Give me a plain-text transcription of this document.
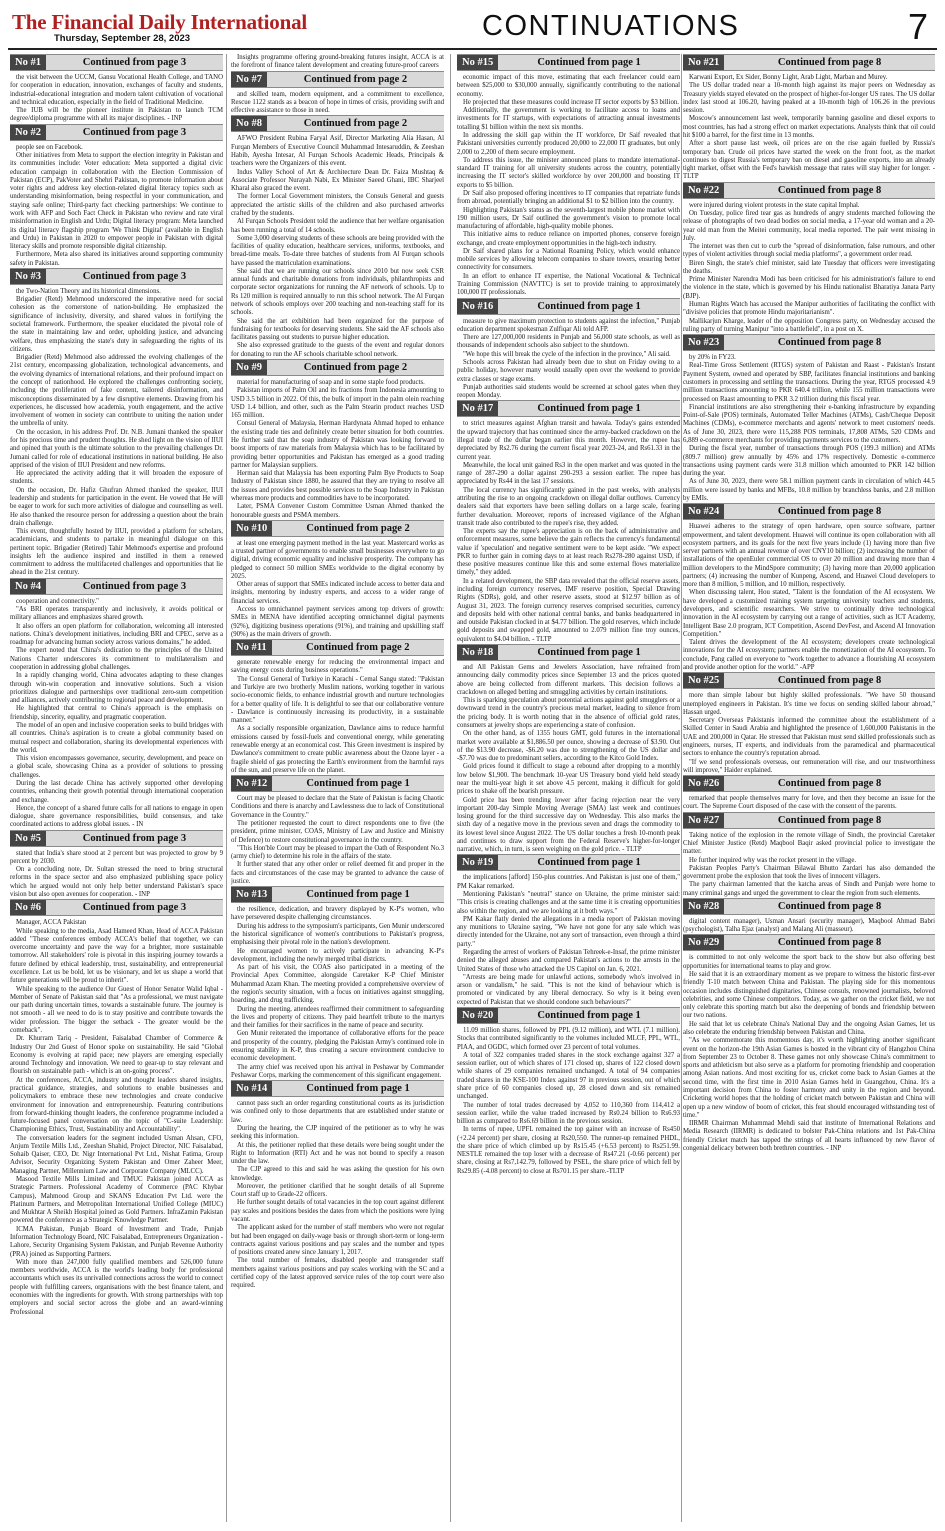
The Financial Daily International
Thursday, September 28, 2023	CONTINUATIONS	7
No #1	Continued from page 3

the visit between the UCCM, Gansu Vocational Health College, and TANO for cooperation in education, innovation, exchanges of faculty and students, industrial-educational integration and modern talent cultivation of vocational and technical education, especially in the field of Traditional Medicine.

The IUB will be the pioneer institute in Pakistan to launch TCM degree/diploma programme with all its major disciplines. - INP

No #2	Continued from page 3

people see on Facebook.

Other initiatives from Meta to support the election integrity in Pakistan and its communities include: Voter education: Meta supported a digital civic education campaign in collaboration with the Election Commission of Pakistan (ECP), PakVoter and Shehri Pakistan, to promote information about voter rights and address key election-related digital literacy topics such as understanding misinformation, being respectful in your communication, and staying safe online; Third-party fact checking partnerships: We continue to work with AFP and Soch Fact Check in Pakistan who review and rate viral misinformation in English and Urdu; Digital literacy program: Meta launched its digital literacy flagship program 'We Think Digital' (available in English and Urdu) in Pakistan in 2020 to empower people in Pakistan with digital literacy skills and promote responsible digital citizenship.

Furthermore, Meta also shared its initiatives around supporting community safety in Pakistan.

No #3	Continued from page 3

the Two-Nation Theory and its historical dimensions.

Brigadier (Retd) Mehmood underscored the imperative need for social cohesion as the cornerstone of nation-building. He emphasized the significance of inclusivity, diversity, and shared values in fortifying the societal framework. Furthermore, the speaker elucidated the pivotal role of the state in maintaining law and order, upholding justice, and advancing welfare, thus emphasizing the state's duty in safeguarding the rights of its citizens.

Brigadier (Retd) Mehmood also addressed the evolving challenges of the 21st century, encompassing globalization, technological advancements, and the evolving dynamics of international relations, and their profound impact on the concept of nationhood. He explored the challenges confronting society, including the proliferation of fake content, tailored disinformation, and misconceptions disseminated by a few disruptive elements. Drawing from his experiences, he discussed how academia, youth engagement, and the active involvement of women in society can contribute to uniting the nation under the umbrella of unity.

On the occasion, in his address Prof. Dr. N.B. Jumani thanked the speaker for his precious time and prudent thoughts. He shed light on the vision of IIUI and opined that youth is the ultimate solution to the prevailing challenges Dr. Jumani called for role of educational institutions in national building. He also apprised of the vision of IIUI President and new reforms.

He appreciated the activity adding that it will broaden the exposure of students.

On the occasion, Dr. Hafiz Ghufran Ahmed thanked the speaker, IIUI leadership and students for participation in the event. He vowed that He will be eager to work for such more activities of dialogue and counselling as well. He also thanked the resource person for addressing a question about the brain drain challenge.

This event, thoughtfully hosted by IIUI, provided a platform for scholars, academicians, and students to partake in meaningful dialogue on this pertinent topic. Brigadier (Retired) Tahir Mehmood's expertise and profound insights left the audience inspired and instilled in them a renewed commitment to address the multifaceted challenges and opportunities that lie ahead in the 21st century.

No #4	Continued from page 3

cooperation and connectivity."

"As BRI operates transparently and inclusively, it avoids political or military alliances and emphasizes shared growth.

It also offers an open platform for collaboration, welcoming all interested nations. China's development initiatives, including BRI and CPEC, serve as a roadmap for advancing human society across various domains," he added.

The expert noted that China's dedication to the principles of the United Nations Charter underscores its commitment to multilateralism and cooperation in addressing global challenges.

In a rapidly changing world, China advocates adapting to these changes through win-win cooperation and innovative solutions. Such a vision prioritizes dialogue and partnerships over traditional zero-sum competition and alliances, actively contributing to regional peace and development.

He highlighted that central to China's approach is the emphasis on friendship, sincerity, equality, and pragmatic cooperation.

The model of an open and inclusive cooperation seeks to build bridges with all countries. China's aspiration is to create a global community based on mutual respect and collaboration, sharing its developmental experiences with the world.

This vision encompasses governance, security, development, and peace on a global scale, showcasing China as a provider of solutions to pressing challenges.

During the last decade China has actively supported other developing countries, enhancing their growth potential through international cooperation and exchange.

Hence, the concept of a shared future calls for all nations to engage in open dialogue, share governance responsibilities, build consensus, and take coordinated actions to address global issues. - IN

No #5	Continued from page 3

stated that India's share stood at 2 percent but was projected to grow by 9 percent by 2030.

On a concluding note, Dr. Sultan stressed the need to bring structural reforms in the space sector and also emphasized publishing space policy which he argued would not only help better understand Pakistan's space vision but also open avenues for cooperation. - INP

No #6	Continued from page 3

Manager, ACCA Pakistan

While speaking to the media, Asad Hameed Khan, Head of ACCA Pakistan added "These conferences embody ACCA's belief that together, we can overcome uncertainty and pave the way for a brighter, more sustainable tomorrow. All stakeholders' role is pivotal in this inspiring journey towards a future defined by ethical leadership, trust, sustainability, and entrepreneurial excellence. Let us be bold, let us be visionary, and let us shape a world that future generations will be proud to inherit".

While speaking to the audience Our Guest of Honor Senator Walid Iqbal - Member of Senate of Pakistan said that "As a professional, we must navigate our path during uncertain times, towards a sustainable future. The journey is not smooth - all we need to do is to stay positive and contribute towards the wider profession. The bigger the setback - The greater would be the comeback".

Dr. Khurram Tariq - President, Faisalabad Chamber of Commerce & Industry Our 2nd Guest of Honor spoke on sustainability. He said "Global Economy is evolving at rapid pace; new players are emerging especially around Technology and innovation. We need to gear-up to stay relevant and flourish on sustainable path - which is an on-going process".

At the conferences, ACCA, industry and thought leaders shared insights, practical guidance, strategies, and solutions to enable businesses and policymakers to embrace these new technologies and create conducive environment for innovation and entrepreneurship. Featuring contributions from forward-thinking thought leaders, the conference programme included a future-focused panel conversation on the topic of "C-suite Leadership: Championing Ethics, Trust, Sustainability and Accountability".

The conversation leaders for the segment included Usman Ahsan, CFO, Anjum Textile Mills Ltd., Zeeshan Shahid, Project Director, NIC Faisalabad, Sohaib Qaiser, CEO, Dr. Nigr International Pvt Ltd., Nishat Fatima, Group Advisor, Security Organizing System Pakistan and Omer Zaheer Meer, Managing Partner, Millennium Law and Corporate Company (MLCC).

Masood Textile Mills Limited and TMUC Pakistan joined ACCA as Strategic Partners. Professional Academy of Commerce (PAC Khybar Campus), Mahmood Group and SKANS Education Pvt Ltd. were the Platinum Partners, and Metropolitan International Unified College (MIUC) and Mukhtar A Sheikh Hospital joined as Gold Partners. InfraZamin Pakistan powered the conference as a Strategic Knowledge Partner.

ICMA Pakistan, Punjab Board of Investment and Trade, Punjab Information Technology Board, NIC Faisalabad, Entrepreneurs Organization - Lahore, Security Organising System Pakistan, and Punjab Revenue Authority (PRA) joined as Supporting Partners.

With more than 247,000 fully qualified members and 526,000 future members worldwide, ACCA is the world's leading body for professional accountants which uses its unrivalled connections across the world to connect people with fulfilling careers, organisations with the best finance talent, and economies with the ingredients for growth. With strong partnerships with top employers and social sector across the globe and an award-winning Professional

Insights programme offering ground-breaking futures insight, ACCA is at the forefront of finance talent development and creating future-proof careers

No #7	Continued from page 2

and skilled team, modern equipment, and a commitment to excellence, Rescue 1122 stands as a beacon of hope in times of crisis, providing swift and effective assistance to those in need.

No #8	Continued from page 2

AFWO President Rubina Faryal Asif, Director Marketing Alia Hasan, Al Furqan Members of Executive Council Muhammad Intesaruddin, & Zeeshan Habib, Ayesha Intesar, Al Furqan Schools Academic Heads, Principals & teachers were the Organizers of this event.

Indus Valley School of Art & Architecture Dean Dr. Faiza Mushtaq & Associate Professor Nurayah Nabi, Ex Minister Saeed Ghani, IBC Sharjeel Kharal also graced the event.

The former Local Government ministers, the Consuls General and guests appreciated the artistic skills of the children and also purchased artworks crafted by the students.

Al Furqan Schools President told the audience that her welfare organisation has been running a total of 14 schools.

Some 3,000 deserving students of these schools are being provided with the facilities of quality education, healthcare services, uniforms, textbooks, and bread-time meals. To-date three batches of students from Al Furqan schools have passed the matriculation examinations.

She said that we are running our schools since 2010 but now seek CSR annual funds and charitable donations from individuals, philanthropists and corporate sector organizations for running the AF network of schools. Up to Rs 120 million is required annually to run this school network. The Al Furqan network of schools employs over 200 teaching and non-teaching staff for its schools.

She said the art exhibition had been organized for the purpose of fundraising for textbooks for deserving students. She said the AF schools also facilitates passing out students to pursue higher education.

She also expressed gratitude to the guests of the event and regular donors for donating to run the AF schools charitable school network.

No #9	Continued from page 2

material for manufacturing of soap and in some staple food products.

Pakistan imports of Palm Oil and its fractions from Indonesia amounting to USD 3.5 billion in 2022. Of this, the bulk of import in the palm olein reaching USD 1.4 billion, and other, such as the Palm Stearin product reaches USD 165 million.

Consul General of Malaysia, Herman Hardynata Ahmad hoped to enhance the existing trade ties and definitely create better situation for both countries. He further said that the soap industry of Pakistan was looking forward to boost imports of raw materials from Malaysia which has to be facilitated by providing better opportunities and Pakistan has emerged as a good trading partner for Malaysian suppliers.

Herman said that Malaysia has been exporting Palm Bye Products to Soap Industry of Pakistan since 1880, he assured that they are trying to resolve all the issues and provides best possible services to the Soap Industry in Pakistan whereas more products and commodities have to be incorporated.

Later, PSMA Convener Custom Committee Usman Ahmed thanked the honourable guests and PSMA members.

No #10	Continued from page 2

at least one emerging payment method in the last year. Mastercard works as a trusted partner of governments to enable small businesses everywhere to go digital, driving economic equality and inclusive prosperity. The company has pledged to connect 50 million SMEs worldwide to the digital economy by 2025.

Other areas of support that SMEs indicated include access to better data and insights, mentoring by industry experts, and access to a wider range of financial services.

Access to omnichannel payment services among top drivers of growth: SMEs in MENA have identified accepting omnichannel digital payments (92%), digitizing business operations (91%), and training and upskilling staff (90%) as the main drivers of growth.

No #11	Continued from page 2

generate renewable energy for reducing the environmental impact and saving energy costs during business operations."

The Consul General of Turkiye in Karachi - Cemal Sangu stated: "Pakistan and Turkiye are two brotherly Muslim nations, working together in various socio-economic fields, to enhance industrial growth and nurture technologies for a better quality of life. It is delightful to see that our collaborative venture - Dawlance is continuously increasing its productivity, in a sustainable manner."

As a socially responsible organization, Dawlance aims to reduce harmful emissions caused by fossil-fuels and conventional energy, while generating renewable energy at an economical cost. This Green investment is inspired by Dawlance's commitment to create public awareness about the Ozone layer - a fragile shield of gas protecting the Earth's environment from the harmful rays of the sun, and preserve life on the planet.

No #12	Continued from page 1

Court may be pleased to declare that the State of Pakistan is facing Chaotic Conditions and there is anarchy and Lawlessness due to lack of Constitutional Governance in the Country."

The petitioner requested the court to direct respondents one to five (the president, prime minister, COAS, Ministry of Law and Justice and Ministry of Defence) to restore constitutional governance in the country.

"This Hon'ble Court may be pleased to impart the Oath of Respondent No.3 (army chief) to determine his role in the affairs of the state.

It further stated that any other order or relief deemed fit and proper in the facts and circumstances of the case may be granted to advance the cause of justice.

No #13	Continued from page 1

the resilience, dedication, and bravery displayed by K-P's women, who have persevered despite challenging circumstances.

During his address to the symposium's participants, Gen Munir underscored the historical significance of women's contributions to Pakistan's progress, emphasising their pivotal role in the nation's development.

He encouraged women to actively participate in advancing K-P's development, including the newly merged tribal districts.

As part of his visit, the COAS also participated in a meeting of the Provincial Apex Committee, alongside Caretaker K-P Chief Minister Muhammad Azam Khan. The meeting provided a comprehensive overview of the region's security situation, with a focus on initiatives against smuggling, hoarding, and drug trafficking.

During the meeting, attendees reaffirmed their commitment to safeguarding the lives and property of citizens. They paid heartfelt tribute to the martyrs and their families for their sacrifices in the name of peace and security.

Gen Munir reiterated the importance of collaborative efforts for the peace and prosperity of the country, pledging the Pakistan Army's continued role in ensuring stability in K-P, thus creating a secure environment conducive to economic development.

The army chief was received upon his arrival in Peshawar by Commander Peshawar Corps, marking the commencement of this significant engagement.

No #14	Continued from page 1

cannot pass such an order regarding constitutional courts as its jurisdiction was confined only to those departments that are established under statute or law.

During the hearing, the CJP inquired of the petitioner as to why he was seeking this information.

At this, the petitioner replied that these details were being sought under the Right to Information (RTI) Act and he was not bound to specify a reason under the law.

The CJP agreed to this and said he was asking the question for his own knowledge.

Moreover, the petitioner clarified that he sought details of all Supreme Court staff up to Grade-22 officers.

He further sought details of total vacancies in the top court against different pay scales and positions besides the dates from which the positions were lying vacant.

The applicant asked for the number of staff members who were not regular but had been engaged on daily-wage basis or through short-term or long-term contracts against various positions and pay scales and the number and types of positions created anew since January 1, 2017.

The total number of females, disabled people and transgender staff members against various positions and pay scales working with the SC and a certified copy of the latest approved service rules of the top court were also required.

No #15	Continued from page 1

economic impact of this move, estimating that each freelancer could earn between $25,000 to $30,000 annually, significantly contributing to the national economy.

He projected that these measures could increase IT sector exports by $3 billion.

Additionally, the government is working to facilitate access to loans and investments for IT startups, with expectations of attracting annual investments totalling $1 billion within the next six months.

In addressing the skill gap within the IT workforce, Dr Saif revealed that Pakistani universities currently produced 20,000 to 22,000 IT graduates, but only 2,000 to 2,200 of them secure employment.

To address this issue, the minister announced plans to mandate international-standard IT training for all university students across the country, potentially increasing the IT sector's skilled workforce by over 200,000 and boosting IT exports to $5 billion.

Dr Saif also proposed offering incentives to IT companies that repatriate funds from abroad, potentially bringing an additional $1 to $2 billion into the country.

Highlighting Pakistan's status as the seventh-largest mobile phone market with 190 million users, Dr Saif outlined the government's vision to promote local manufacturing of affordable, high-quality mobile phones.

This initiative aims to reduce reliance on imported phones, conserve foreign exchange, and create employment opportunities in the high-tech industry.

Dr Saif shared plans for a National Roaming Policy, which would enhance mobile services by allowing telecom companies to share towers, ensuring better connectivity for consumers.

In an effort to enhance IT expertise, the National Vocational & Technical Training Commission (NAVTTC) is set to provide training to approximately 100,000 IT professionals.

No #16	Continued from page 1

measure to give maximum protection to students against the infection," Punjab education department spokesman Zulfiqar Ali told AFP.

There are 127,000,000 residents in Punjab and 56,000 state schools, as well as thousands of independent schools also subject to the shutdown.

"We hope this will break the cycle of the infection in the province," Ali said.

Schools across Pakistan had already been due to shut on Friday owing to a public holiday, however many would usually open over the weekend to provide extra classes or stage exams.

Punjab authorities said students would be screened at school gates when they reopen Monday.

No #17	Continued from page 1

to strict measures against Afghan transit and hawala. Today's gains extended the upward trajectory that has continued since the army-backed crackdown on the illegal trade of the dollar began earlier this month. However, the rupee has depreciated by Rs2.76 during the current fiscal year 2023-24, and Rs61.33 in the current year.

Meanwhile, the local unit gained Rs3 in the open market and was quoted in the range of 287-290 a dollar against 290-293 a session earlier. The rupee has appreciated by Rs44 in the last 17 sessions.

The local currency has significantly gained in the past weeks, with analysts attributing the rise to an ongoing crackdown on illegal dollar outflows. Currency dealers said that exporters have been selling dollars on a large scale, fearing further devaluation. Moreover, reports of increased vigilance of the Afghan transit trade also contributed to the rupee's rise, they added.

The experts say the rupee's appreciation is on the back of administrative and enforcement measures, some believe the gain reflects the currency's fundamental value if 'speculation' and negative sentiment were to be kept aside. "We expect PKR to further gain in coming days to at least reach Rs278-280 against USD, if these positive measures continue like this and some external flows materialize timely," they added.

In a related development, the SBP data revealed that the official reserve assets, including foreign currency reserves, IMF reserve position, Special Drawing Rights (SDRs), gold, and other reserve assets, stood at $12.97 billion as of August 31, 2023. The foreign currency reserves comprised securities, currency and deposits held with other national central banks, and banks headquartered in and outside Pakistan clocked in at $4.77 billion. The gold reserves, which include gold deposits and swapped gold, amounted to 2.079 million fine troy ounces, equivalent to $4.04 billion. - TLTP

No #18	Continued from page 1

and All Pakistan Gems and Jewelers Association, have refrained from announcing daily commodity prices since September 13 and the prices quoted above are being collected from different markets. This decision follows a crackdown on alleged betting and smuggling activities by certain institutions.

This is sparking speculation about potential actions against gold smugglers or a downward trend in the country's precious metal market, leading to silence from the pricing body. It is worth noting that in the absence of official gold rates, consumers at jewelry shops are experiencing a state of confusion.

On the other hand, as of 1355 hours GMT, gold futures in the international market were available at $1,886.50 per ounce, showing a decrease of $3.90. Out of the $13.90 decrease, -$6.20 was due to strengthening of the US dollar and -$7.70 was due to predominant sellers, according to the Kitco Gold Index.

Gold prices found it difficult to stage a rebound after dropping to a monthly low below $1,900. The benchmark 10-year US Treasury bond yield held steady near the multi-year high it set above 4.5 percent, making it difficult for gold prices to shake off the bearish pressure.

Gold price has been trending lower after facing rejection near the very important 200-day Simple Moving Average (SMA) last week and continues losing ground for the third successive day on Wednesday. This also marks the sixth day of a negative move in the previous seven and drags the commodity to its lowest level since August 2022. The US dollar touches a fresh 10-month peak and continues to draw support from the Federal Reserve's higher-for-longer narrative, which, in turn, is seen weighing on the gold price. - TLTP

No #19	Continued from page 1

the implications [afford] 150-plus countries. And Pakistan is just one of them," PM Kakar remarked.

Mentioning Pakistan's "neutral" stance on Ukraine, the prime minister said: "This crisis is creating challenges and at the same time it is creating opportunities also within the region, and we are looking at it both ways."

PM Kakar flatly denied the allegations in a media report of Pakistan moving any munitions to Ukraine saying, "We have not gone for any sale which was directly intended for the Ukraine, not any sort of transaction, even through a third party."

Regarding the arrest of workers of Pakistan Tehreek-e-Insaf, the prime minister denied the alleged abuses and compared Pakistan's actions to the arrests in the United States of those who attacked the US Capitol on Jan. 6, 2021.

"Arrests are being made for unlawful actions, somebody who's involved in arson or vandalism," he said. "This is not the kind of behaviour which is promoted or vindicated by any liberal democracy. So why is it being even expected of Pakistan that we should condone such behaviours?"

No #20	Continued from page 1

11.09 million shares, followed by PPL (9.12 million), and WTL (7.1 million). Stocks that contributed significantly to the volumes included MLCF, PPL, WTL, PIAA, and OGDC, which formed over 23 percent of total volumes.

A total of 322 companies traded shares in the stock exchange against 327 a session earlier, out of which shares of 171 closed up, shares of 122 closed down while shares of 29 companies remained unchanged. A total of 94 companies traded shares in the KSE-100 Index against 97 in previous session, out of which share price of 60 companies closed up, 28 closed down and six remained unchanged.

The number of total trades decreased by 4,052 to 110,360 from 114,412 a session earlier, while the value traded increased by Rs0.24 billion to Rs6.93 billion as compared to Rs6.69 billion in the previous session.

In terms of rupee, UPFL remained the top gainer with an increase of Rs450 (+2.24 percent) per share, closing at Rs20,550. The runner-up remained PHDL, the share price of which climbed up by Rs15.45 (+6.53 percent) to Rs251.99. NESTLE remained the top loser with a decrease of Rs47.21 (-0.66 percent) per share, closing at Rs7,142.79, followed by PSEL, the share price of which fell by Rs29.85 (-4.08 percent) to close at Rs701.15 per share.-TLTP

No #21	Continued from page 8

Karwani Export, Ex Sider, Bonny Light, Arab Light, Marban and Murey.

The US dollar traded near a 10-month high against its major peers on Wednesday as Treasury yields stayed elevated on the prospect of higher-for-longer US rates. The US dollar index last stood at 106.20, having peaked at a 10-month high of 106.26 in the previous session.

Moscow's announcement last week, temporarily banning gasoline and diesel exports to most countries, has had a strong effect on market expectations. Analysts think that oil could hit $100 a barrel, for the first time in 13 months.

After a short pause last week, oil prices are on the rise again fuelled by Russia's temporary ban. Crude oil prices have started the week on the front foot, as the market continues to digest Russia's temporary ban on diesel and gasoline exports, into an already tight market, offset with the Fed's hawkish message that rates will stay higher for longer. - TLTP

No #22	Continued from page 8

were injured during violent protests in the state capital Imphal.

On Tuesday, police fired tear gas as hundreds of angry students marched following the release of photographs of two dead bodies on social media, a 17-year old woman and a 20-year old man from the Meitei community, local media reported. The pair went missing in July.

The internet was then cut to curb the "spread of disinformation, false rumours, and other types of violent activities through social media platforms", a government order read.

Biren Singh, the state's chief minister, said late Tuesday that officers were investigating the deaths.

Prime Minister Narendra Modi has been criticised for his administration's failure to end the violence in the state, which is governed by his Hindu nationalist Bharatiya Janata Party (BJP).

Human Rights Watch has accused the Manipur authorities of facilitating the conflict with "divisive policies that promote Hindu majoritarianism".

Mallikarjun Kharge, leader of the opposition Congress party, on Wednesday accused the ruling party of turning Manipur "into a battlefield", in a post on X.

No #23	Continued from page 8

by 20% in FY23.

Real-Time Gross Settlement (RTGS) system of Pakistan and Raast - Pakistan's Instant Payment System, owned and operated by SBP, facilitates financial institutions and banking customers in processing and settling the transactions. During the year, RTGS processed 4.9 million transactions amounting to PKR 640.4 trillion, while 155 million transactions were processed on Raast amounting to PKR 3.2 trillion during this fiscal year.

Financial institutions are also strengthening their e-banking infrastructure by expanding Point-of-Sale (POS) terminals, Automated Teller Machines (ATMs), Cash/Cheque Deposit Machines (CDMs), e-commerce merchants and agents' network to meet customers' needs. As of June 30, 2023, there were 115,288 POS terminals, 17,808 ATMs, 520 CDMs and 6,889 e-commerce merchants for providing payments services to the customers.

During the fiscal year, number of transactions through POS (199.3 million) and ATMs (809.7 million) grew annually by 45% and 17% respectively. Domestic e-commerce transactions using payment cards were 31.8 million which amounted to PKR 142 billion during the year.

As of June 30, 2023, there were 58.1 million payment cards in circulation of which 44.5 million were issued by banks and MFBs, 10.8 million by branchless banks, and 2.8 million by EMIs.

No #24	Continued from page 8

Huawei adheres to the strategy of open hardware, open source software, partner empowerment, and talent development. Huawei will continue its open collaboration with all ecosystem partners, and its goals for the next five years include (1) having more than five server partners with an annual revenue of over CNY10 billion; (2) increasing the number of installations of the openEuler commercial OS to over 20 million and drawing more than 4 million developers to the MindSpore community; (3) having more than 20,000 application partners; (4) increasing the number of Kunpeng, Ascend, and Huawei Cloud developers to more than 8 million, 5 million, and 10 million, respectively.

When discussing talent, Hou stated, "Talent is the foundation of the AI ecosystem. We have developed a customized training system targeting university teachers and students, developers, and scientific researchers. We strive to continually drive technological innovation in the AI ecosystem by carrying out a range of activities, such as ICT Academy, Intelligent Base 2.0 program, ICT Competition, Ascend DevFest, and Ascend AI Innovation Competition."

Talent drives the development of the AI ecosystem; developers create technological innovations for the AI ecosystem; partners enable the monetization of the AI ecosystem. To conclude, Pang called on everyone to "work together to advance a flourishing AI ecosystem and provide another option for the world." -APP

No #25	Continued from page 8

more than simple labour but highly skilled professionals. "We have 50 thousand unemployed engineers in Pakistan. It's time we focus on sending skilled labour abroad," Hassan urged.

Secretary Overseas Pakistanis informed the committee about the establishment of a Skilled Center in Saudi Arabia and highlighted the presence of 1,600,000 Pakistanis in the UAE and 200,000 in Qatar. He stressed that Pakistan must send skilled professionals such as engineers, nurses, IT experts, and individuals from the paramedical and pharmaceutical sectors to enhance the country's reputation abroad.

"If we send professionals overseas, our remuneration will rise, and our trustworthiness will improve," Haider explained.

No #26	Continued from page 8

remarked that people themselves marry for love, and then they become an issue for the court. The Supreme Court disposed of the case with the consent of the parents.

No #27	Continued from page 8

Taking notice of the explosion in the remote village of Sindh, the provincial Caretaker Chief Minister Justice (Retd) Maqbool Baqir asked provincial police to investigate the matter.

He further inquired why was the rocket present in the village.

Pakistan Peoples Party's Chairman Bilawal Bhutto Zardari has also demanded the government probe the explosion that took the lives of innocent villagers.

The party chairman lamented that the katcha areas of Sindh and Punjab were home to many criminal gangs and urged the government to clear the region from such elements.

No #28	Continued from page 8

digital content manager), Usman Ansari (security manager), Maqbool Ahmad Babri (psychologist), Talha Ejaz (analyst) and Malang Ali (masseur).

No #29	Continued from page 8

is committed to not only welcome the sport back to the show but also offering best opportunities for international teams to play and grow.

He said that it is an extraordinary moment as we prepare to witness the historic first-ever friendly T-10 match between China and Pakistan. The playing side for this momentous occasion includes distinguished dignitaries, Chinese consuls, renowned journalists, beloved celebrities, and some Chinese competitors. Today, as we gather on the cricket field, we not only celebrate this sporting match but also the deepening of bonds and friendship between our two nations.

He said that let us celebrate China's National Day and the ongoing Asian Games, let us also celebrate the enduring friendship between Pakistan and China.

"As we commemorate this momentous day, it's worth highlighting another significant event on the horizon-the 19th Asian Games is hosted in the vibrant city of Hangzhou China from September 23 to October 8. These games not only showcase China's commitment to sports and athleticism but also serve as a platform for promoting friendship and cooperation among Asian nations. And most exciting for us, cricket come back to Asian Games at the second time, with the first time in 2010 Asian Games held in Guangzhou, China. It's a important decision from China to foster harmony and unity in the region and beyond. Cricketing world hopes that the holding of cricket match between Pakistan and China will open up a new window of boom of cricket, this feat should encouraged withstanding test of time."

IIRMR Chairman Muhammad Mehdi said that institute of International Relations and Media Research (IIRMR) is dedicated to bolster Pak-China relations and 1st Pak-China friendly Cricket match has tapped the strings of all hearts influenced by new flavor of congenial delicacy between both brethren countries. - INP
